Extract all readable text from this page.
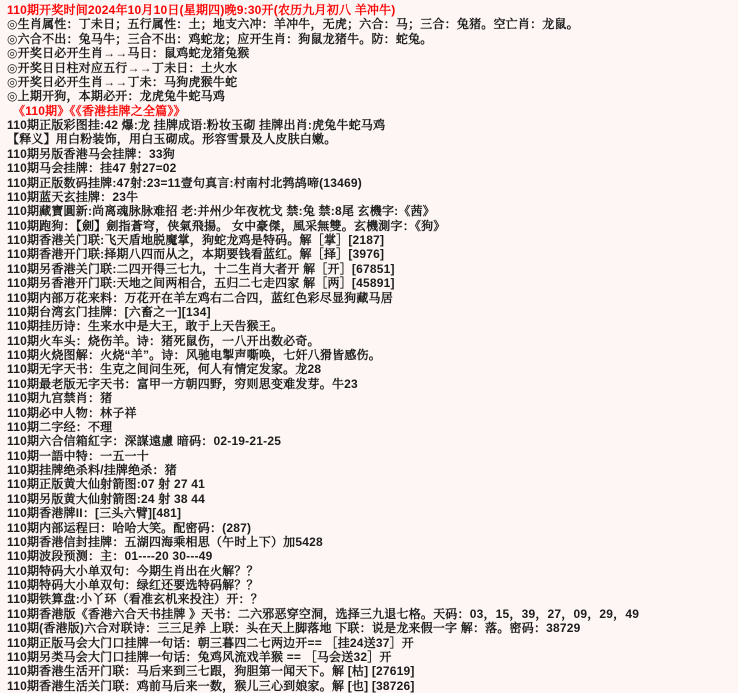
110期开奖时间2024年10月10日(星期四)晚9:30开(农历九月初八 羊冲牛)
◎生肖属性：丁未日；五行属性：土；地支六冲：羊冲牛，无虎；六合：马；三合：兔猪。空亡肖：龙鼠。
◎六合不出：兔马牛；三合不出：鸡蛇龙；应开生肖：狗鼠龙猪牛。防：蛇兔。
◎开奖日必开生肖→→马日：鼠鸡蛇龙猪兔猴
◎开奖日日柱对应五行→→丁未日：土火水
◎开奖日必开生肖→→丁未：马狗虎猴牛蛇
◎上期开狗，本期必开：龙虎兔牛蛇马鸡
《110期》《《香港挂牌之全篇》》
110期正版彩图挂:42 爆:龙 挂牌成语:粉妆玉砌 挂牌出肖:虎兔牛蛇马鸡
【释义】用白粉装饰，用白玉砌成。形容雪景及人皮肤白嫩。
110期另版香港马会挂牌：33狗
110期马会挂牌：挂47 射27=02
110期正版数码挂牌:47射:23=11壹句真言:村南村北鹁鸪啼(13469)
110期蓝天玄挂牌：23牛
110期藏寶圓新:尚离魂脉脉难招 老:并州少年夜枕戈 禁:兔 禁:8尾 玄機字:《茜》
110期跑狗：【劍】劍指蒼穹，侠氣飛揚。 女中豪傑，風采無雙。玄機測字：《狗》
110期香港关门联:飞天盾地脱魔掌，狗蛇龙鸡是特码。解［掌］[2187]
110期香港开门联:择期八四而从之，本期要钱看蓝红。解［择］[3976]
110期另香港关门联:二四开得三七九，十二生肖大者开 解［开］[67851]
110期另香港开门联:天地之间两相合，五归二七走四家 解［两］[45891]
110期内部万花来料：万花开在羊左鸡右二合四，蓝红色彩尽显狗藏马居
110期台湾玄门挂牌：[六畜之一][134]
110期挂历诗：生来水中是大王，敢于上天告猴王。
110期火车头：烧伤羊。诗：猪死鼠伤，一八开出数必奇。
110期火烧图解：火烧“羊”。诗：风驰电掣声嘶唤，七奸八猾皆感伤。
110期无字天书：生克之间问生死，何人有情定发家。龙28
110期最老版无字天书：富甲一方朝四野，穷则思变难发芽。牛23
110期九宫禁肖：猪
110期必中人物：林子祥
110期二字经：不理
110期六合信箱紅字：深謀遠慮 暗码：02-19-21-25
110期一語中特：一五一十
110期挂牌绝杀料/挂牌绝杀：猪
110期正版黄大仙射箭图:07 射 27 41
110期另版黄大仙射箭图:24 射 38 44
110期香港牌II：[三头六臂][481]
110期内部运程曰：哈哈大笑。配密码：(287)
110期香港信封挂牌：五湖四海乘相思（午时上下）加5428
110期波段预测：主：01----20 30---49
110期特码大小单双句：今期生肖出在火解？？
110期特码大小单双句：绿红还要选特码解？？
110期铁算盘:小丫环（看准玄机来投注）开：？
110期香港版《香港六合天书挂牌 》天书：二六邪恶穿空洞，选择三九退七格。天码：03，15，39，27，09，29，49
110期(香港版)六合对联诗：三三足养 上联：头在天上脚落地 下联：说是龙来假一字 解：落。密码：38729
110期正版马会大门口挂牌一句话：朝三暮四二七两边开== ［挂24送37］开
110期另类马会大门口挂牌一句话：兔鸡风流戏羊猴 == ［马会送32］开
110期香港生活开门联：马后来到三七跟，狗胆第一闻天下。解 [枯] [27619]
110期香港生活关门联：鸡前马后来一数，猴儿三心到娘家。解 [也] [38726]
